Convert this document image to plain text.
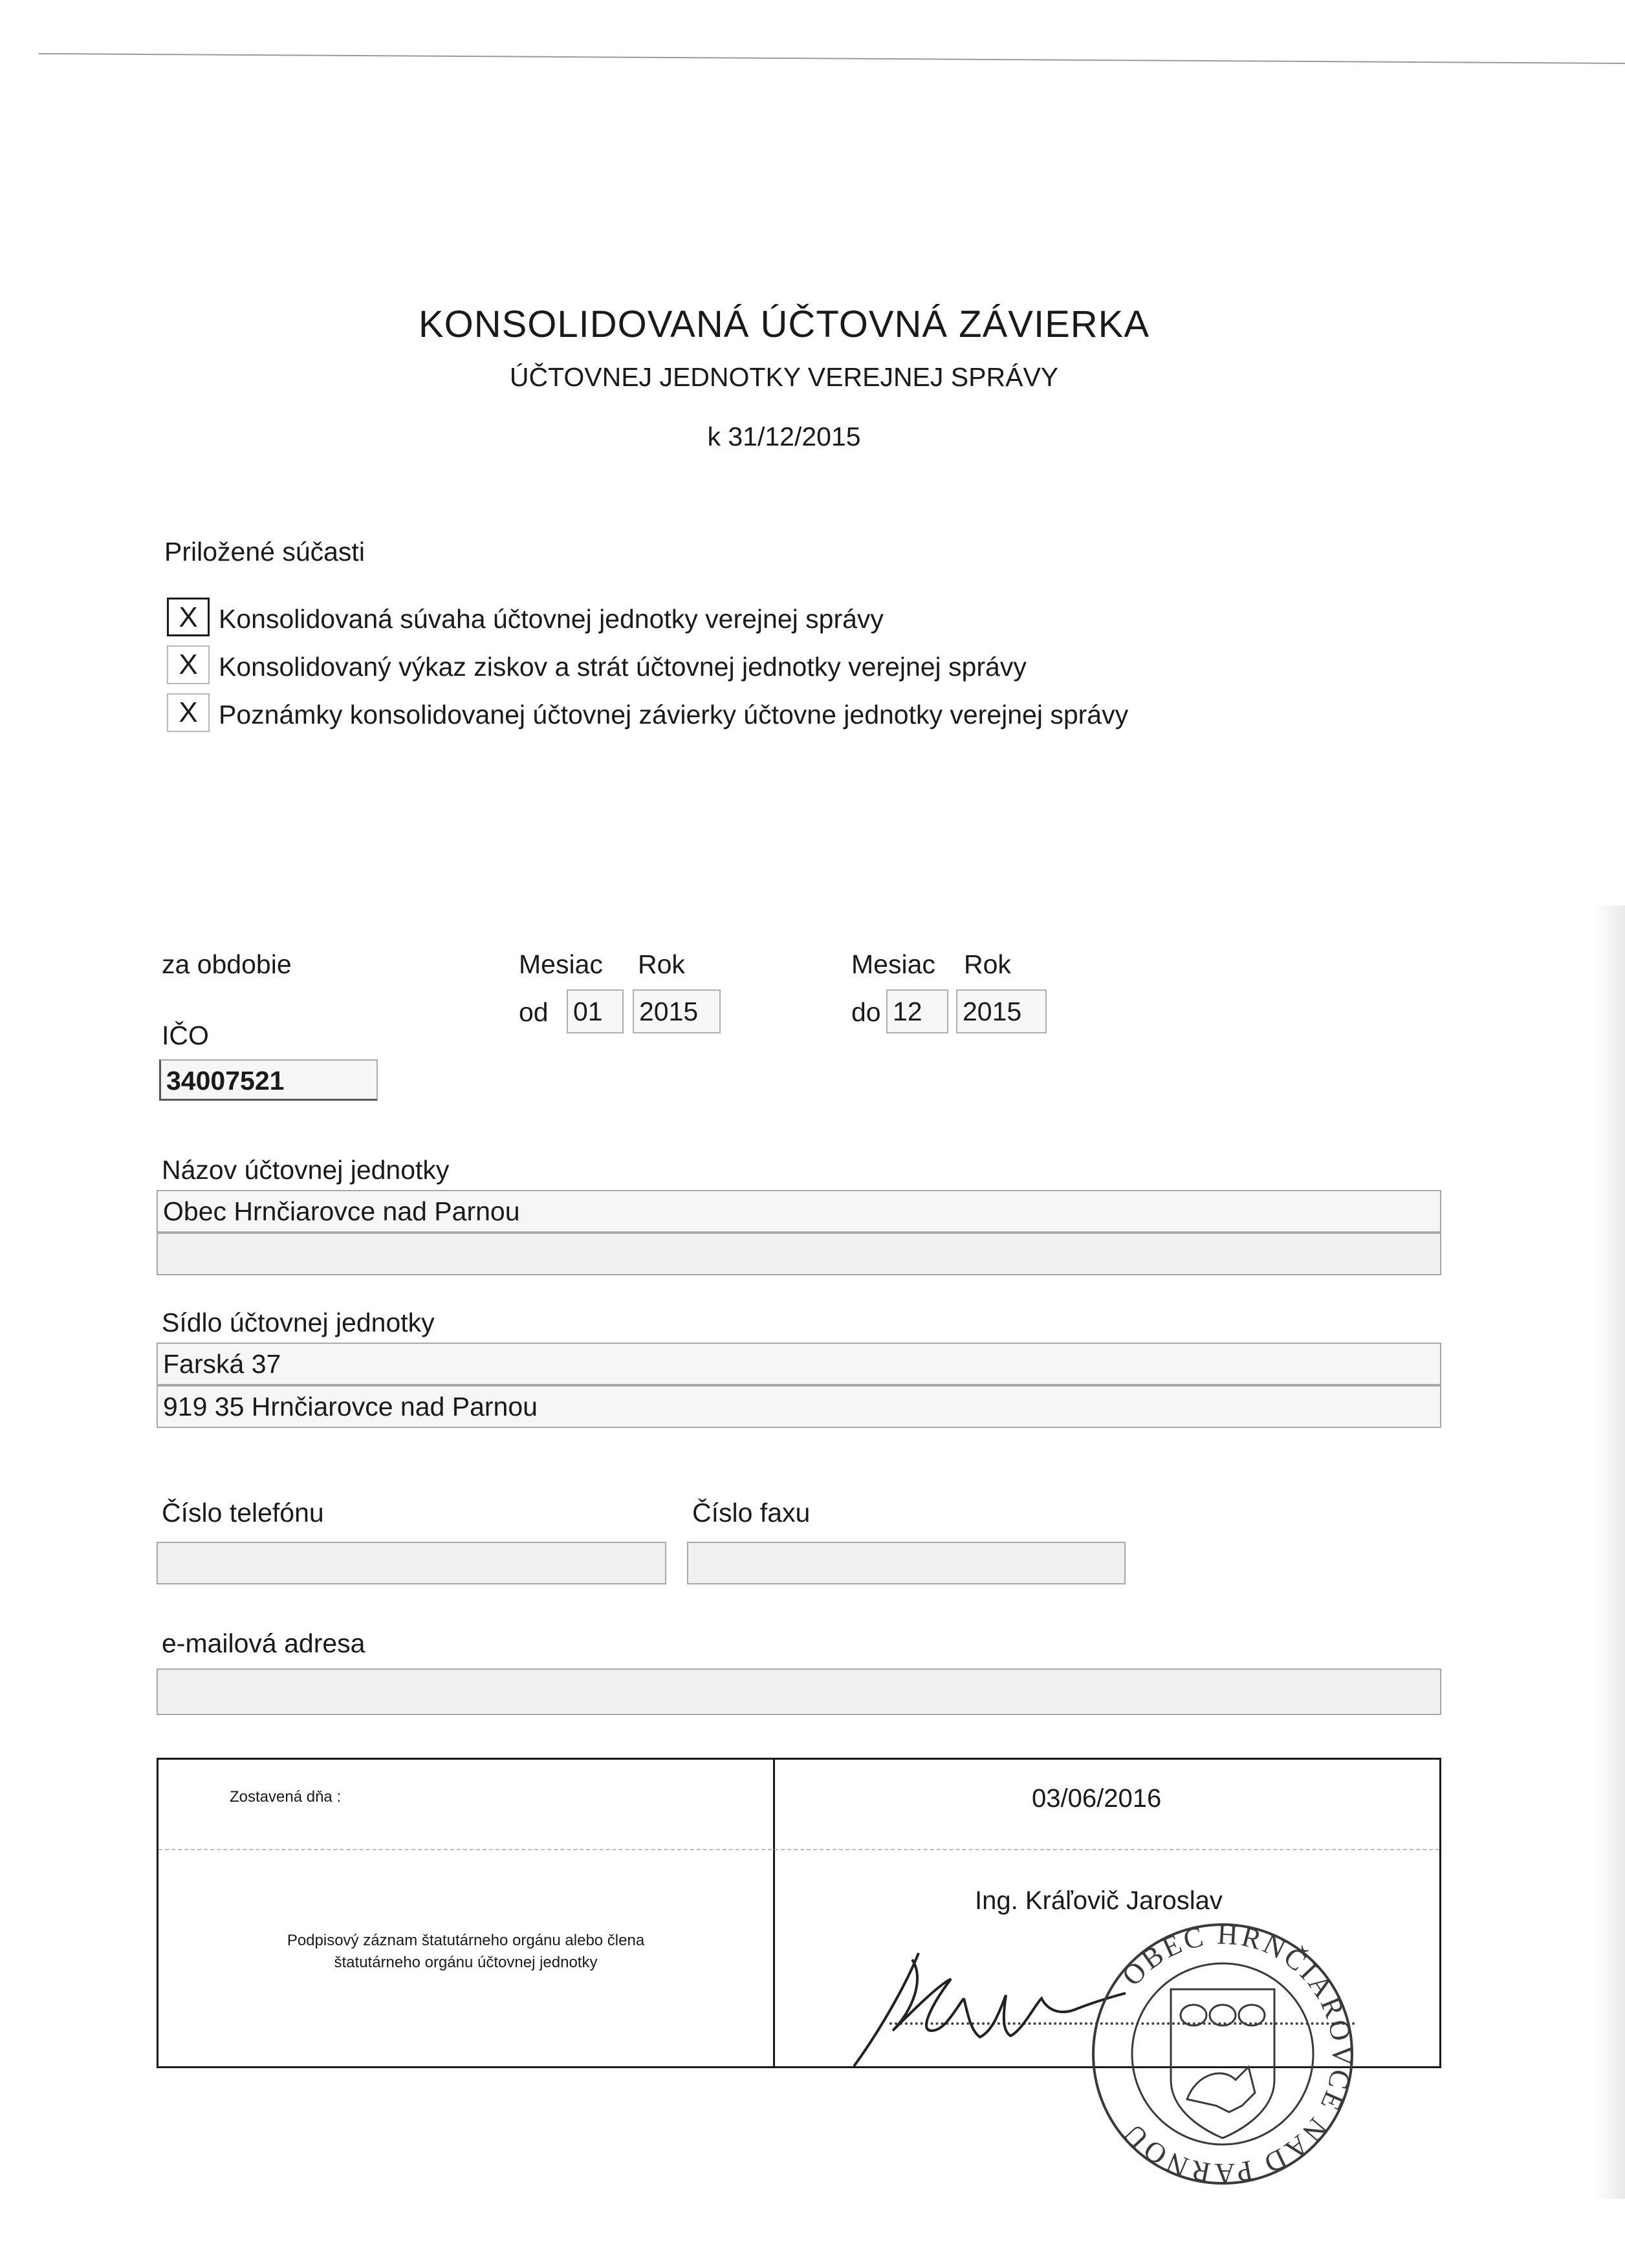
KONSOLIDOVANÁ ÚČTOVNÁ ZÁVIERKA
ÚČTOVNEJ JEDNOTKY VEREJNEJ SPRÁVY
k 31/12/2015
Priložené súčasti
X Konsolidovaná súvaha účtovnej jednotky verejnej správy
X Konsolidovaný výkaz ziskov a strát účtovnej jednotky verejnej správy
X Poznámky konsolidovanej účtovnej závierky účtovne jednotky verejnej správy
za obdobie	Mesiac Rok	Mesiac Rok
od 01	2015	do 12	2015
IČO
34007521
Názov účtovnej jednotky
Obec Hrnčiarovce nad Parnou
Sídlo účtovnej jednotky
Farská 37
919 35 Hrnčiarovce nad Parnou
Číslo telefónu	Číslo faxu
e-mailová adresa
Zostavená dňa :	03/06/2016
Podpisový záznam štatutárneho orgánu alebo člena
štatutárneho orgánu účtovnej jednotky
Ing. Kráľovič Jaroslav
OBEC HRNČIAROVCE NAD PARNOU
